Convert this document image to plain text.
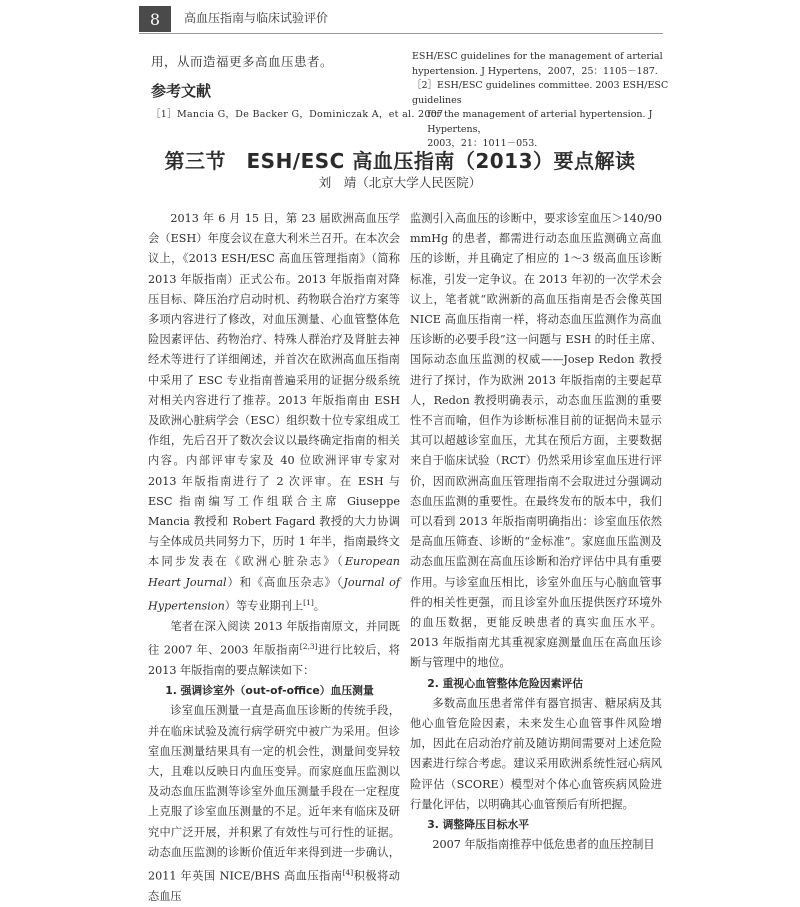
8	高血压指南与临床试验评价
用，从而造福更多高血压患者。
参考文献
［1］Mancia G，De Backer G，Dominiczak A，et al. 2007

ESH/ESC guidelines for the management of arterial

hypertension. J Hypertens，2007，25：1105－187.

［2］ESH/ESC guidelines committee. 2003 ESH/ESC guidelines

for the management of arterial hypertension. J Hypertens，

2003，21：1011－053.

第三节　ESH/ESC 高血压指南（2013）要点解读
刘　靖（北京大学人民医院）

2013 年 6 月 15 日，第 23 届欧洲高血压学会（ESH）年度会议在意大利米兰召开。在本次会议上，《2013 ESH/ESC 高血压管理指南》（简称 2013 年版指南）正式公布。2013 年版指南对降压目标、降压治疗启动时机、药物联合治疗方案等多项内容进行了修改，对血压测量、心血管整体危险因素评估、药物治疗、特殊人群治疗及肾脏去神经术等进行了详细阐述，并首次在欧洲高血压指南中采用了 ESC 专业指南普遍采用的证据分级系统对相关内容进行了推荐。2013 年版指南由 ESH 及欧洲心脏病学会（ESC）组织数十位专家组成工作组，先后召开了数次会议以最终确定指南的相关内容。内部评审专家及 40 位欧洲评审专家对 2013 年版指南进行了 2 次评审。在 ESH 与 ESC 指南编写工作组联合主席 Giuseppe Mancia 教授和 Robert Fagard 教授的大力协调与全体成员共同努力下，历时 1 年半，指南最终文本同步发表在《欧洲心脏杂志》（European Heart Journal）和《高血压杂志》（Journal of Hypertension）等专业期刊上[1]。

笔者在深入阅读 2013 年版指南原文，并同既往 2007 年、2003 年版指南[2,3]进行比较后，将 2013 年版指南的要点解读如下：

1. 强调诊室外（out-of-office）血压测量

诊室血压测量一直是高血压诊断的传统手段，并在临床试验及流行病学研究中被广为采用。但诊室血压测量结果具有一定的机会性，测量间变异较大，且难以反映日内血压变异。而家庭血压监测以及动态血压监测等诊室外血压测量手段在一定程度上克服了诊室血压测量的不足。近年来有临床及研究中广泛开展，并积累了有效性与可行性的证据。动态血压监测的诊断价值近年来得到进一步确认，2011 年英国 NICE/BHS 高血压指南[4]积极将动态血压

监测引入高血压的诊断中，要求诊室血压＞140/90 mmHg 的患者，都需进行动态血压监测确立高血压的诊断，并且确定了相应的 1～3 级高血压诊断标准，引发一定争议。在 2013 年初的一次学术会议上，笔者就“欧洲新的高血压指南是否会像英国 NICE 高血压指南一样，将动态血压监测作为高血压诊断的必要手段”这一问题与 ESH 的时任主席、国际动态血压监测的权威——Josep Redon 教授进行了探讨，作为欧洲 2013 年版指南的主要起草人，Redon 教授明确表示，动态血压监测的重要性不言而喻，但作为诊断标准目前的证据尚未显示其可以超越诊室血压，尤其在预后方面，主要数据来自于临床试验（RCT）仍然采用诊室血压进行评价，因而欧洲高血压管理指南不会取进过分强调动态血压监测的重要性。在最终发布的版本中，我们可以看到 2013 年版指南明确指出：诊室血压依然是高血压筛查、诊断的“金标准”。家庭血压监测及动态血压监测在高血压诊断和治疗评估中具有重要作用。与诊室血压相比，诊室外血压与心脑血管事件的相关性更强，而且诊室外血压提供医疗环境外的血压数据，更能反映患者的真实血压水平。2013 年版指南尤其重视家庭测量血压在高血压诊断与管理中的地位。

2. 重视心血管整体危险因素评估

多数高血压患者常伴有器官损害、糖尿病及其他心血管危险因素，未来发生心血管事件风险增加，因此在启动治疗前及随访期间需要对上述危险因素进行综合考虑。建议采用欧洲系统性冠心病风险评估（SCORE）模型对个体心血管疾病风险进行量化评估，以明确其心血管预后有所把握。

3. 调整降压目标水平

2007 年版指南推荐中低危患者的血压控制目
